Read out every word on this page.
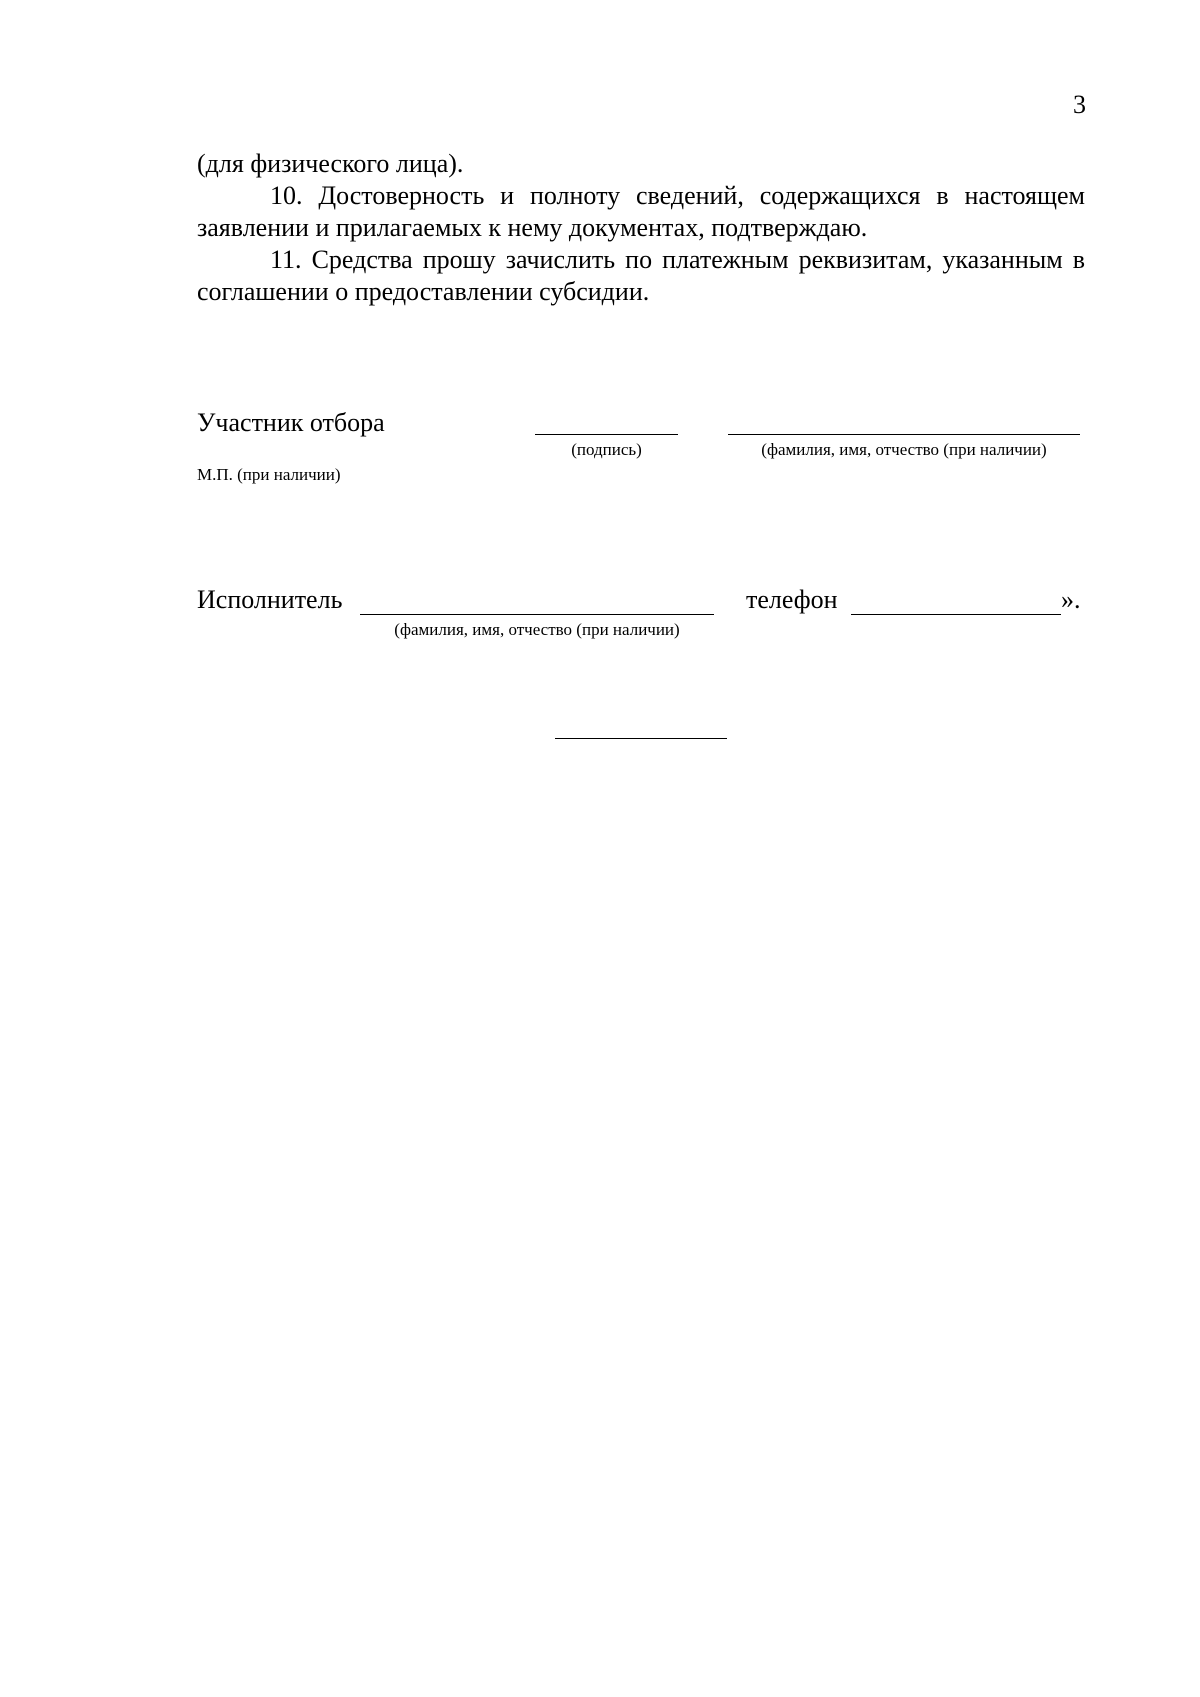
3

(для физического лица).

10. Достоверность и полноту сведений, содержащихся в настоящем заявлении и прилагаемых к нему документах, подтверждаю.

11. Средства прошу зачислить по платежным реквизитам, указанным в соглашении о предоставлении субсидии.

Участник отбора
(подпись)	(фамилия, имя, отчество (при наличии)
М.П. (при наличии)
Исполнитель
(фамилия, имя, отчество (при наличии)
телефон	».
